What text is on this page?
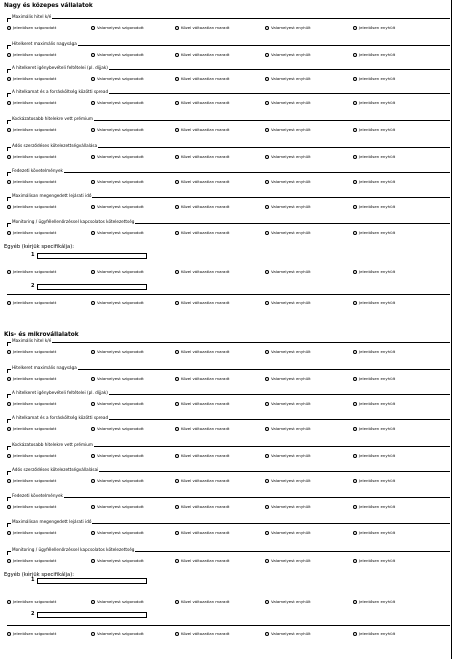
Nagy és közepes vállalatok
Maximális hitel k/é
Jelentősen szigorodott	Valamelyest szigorodott	Közel változatlan maradt	Valamelyest enyhült	Jelentősen enyhült
Hitelkeret maximális nagysága
Jelentősen szigorodott	Valamelyest szigorodott	Közel változatlan maradt	Valamelyest enyhült	Jelentősen enyhült
A hitelkeret igénybevételi feltételei (pl. díjjak)
Jelentősen szigorodott	Valamelyest szigorodott	Közel változatlan maradt	Valamelyest enyhült	Jelentősen enyhült
A hitelkamat és a forrásköltség közötti spread
Jelentősen szigorodott	Valamelyest szigorodott	Közel változatlan maradt	Valamelyest enyhült	Jelentősen enyhült
Kockázatosabb hitelekre vett prémium
Jelentősen szigorodott	Valamelyest szigorodott	Közel változatlan maradt	Valamelyest enyhült	Jelentősen enyhült
Adós szerződéses kötelezettségvállalása
Jelentősen szigorodott	Valamelyest szigorodott	Közel változatlan maradt	Valamelyest enyhült	Jelentősen enyhült
Fedezeti követelmények
Jelentősen szigorodott	Valamelyest szigorodott	Közel változatlan maradt	Valamelyest enyhült	Jelentősen enyhült
Maximálisan megengedett lejárati idő
Jelentősen szigorodott	Valamelyest szigorodott	Közel változatlan maradt	Valamelyest enyhült	Jelentősen enyhült
Monitoring / ügyfélellenőrzéssel kapcsolatos kötelezettség
Jelentősen szigorodott	Valamelyest szigorodott	Közel változatlan maradt	Valamelyest enyhült	Jelentősen enyhült
Egyéb (kérjük specifikálja):
1
Jelentősen szigorodott	Valamelyest szigorodott	Közel változatlan maradt	Valamelyest enyhült	Jelentősen enyhült
2
Jelentősen szigorodott	Valamelyest szigorodott	Közel változatlan maradt	Valamelyest enyhült	Jelentősen enyhült
Kis- és mikrovállalatok
Maximális hitel k/é
Jelentősen szigorodott	Valamelyest szigorodott	Közel változatlan maradt	Valamelyest enyhült	Jelentősen enyhült
Hitelkeret maximális nagysága
Jelentősen szigorodott	Valamelyest szigorodott	Közel változatlan maradt	Valamelyest enyhült	Jelentősen enyhült
A hitelkeret igénybevételi feltételei (pl. díjjak)
Jelentősen szigorodott	Valamelyest szigorodott	Közel változatlan maradt	Valamelyest enyhült	Jelentősen enyhült
A hitelkamat és a forrásköltség közötti spread
Jelentősen szigorodott	Valamelyest szigorodott	Közel változatlan maradt	Valamelyest enyhült	Jelentősen enyhült
Kockázatosabb hitelekre vett prémium
Jelentősen szigorodott	Valamelyest szigorodott	Közel változatlan maradt	Valamelyest enyhült	Jelentősen enyhült
Adós szerződéses kötelezettségvállalásai
Jelentősen szigorodott	Valamelyest szigorodott	Közel változatlan maradt	Valamelyest enyhült	Jelentősen enyhült
Fedezeti követelmények
Jelentősen szigorodott	Valamelyest szigorodott	Közel változatlan maradt	Valamelyest enyhült	Jelentősen enyhült
Maximálisan megengedett lejárati idő
Jelentősen szigorodott	Valamelyest szigorodott	Közel változatlan maradt	Valamelyest enyhült	Jelentősen enyhült
Monitoring / ügyfélellenőrzéssel kapcsolatos kötelezettség
Jelentősen szigorodott	Valamelyest szigorodott	Közel változatlan maradt	Valamelyest enyhült	Jelentősen enyhült
Egyéb (kérjük specifikálja):
1
Jelentősen szigorodott	Valamelyest szigorodott	Közel változatlan maradt	Valamelyest enyhült	Jelentősen enyhült
2
Jelentősen szigorodott	Valamelyest szigorodott	Közel változatlan maradt	Valamelyest enyhült	Jelentősen enyhült
